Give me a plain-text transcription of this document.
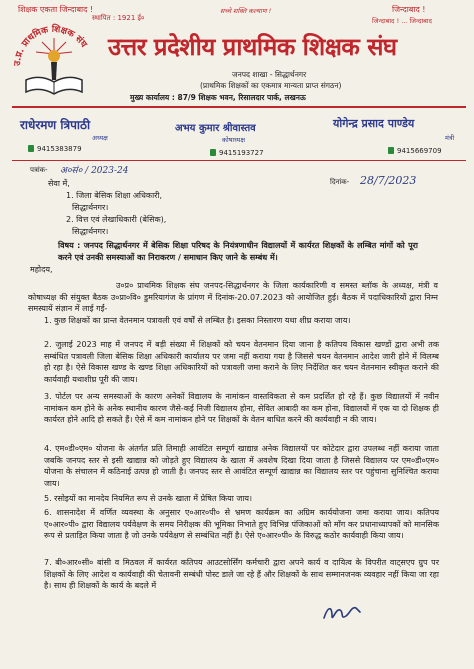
शिक्षक एकता जिन्दाबाद !	सच्चे शक्ति कल्याण !	जिन्दाबाद !
जिन्दाबाद ! ... जिन्दाबाद
स्थापित : 1921 ई०
उ.प्र. प्राथमिक शिक्षक संघ उत्तर प्रदेशीय प्राथमिक शिक्षक संघ
जनपद शाखा - सिद्धार्थनगर
(प्राथमिक शिक्षकों का एकमात्र मान्यता प्राप्त संगठन)
मुख्य कार्यालय : 87/9 शिक्षक भवन, रिसालदार पार्क, लखनऊ
राधेरमण त्रिपाठी
अध्यक्ष
9415383879
अभय कुमार श्रीवास्तव
कोषाध्यक्ष
9415193727
योगेन्द्र प्रसाद पाण्डेय
मंत्री
9415669709
पत्रांक- अ०सं० / 2023-24
दिनांक- 28/7/2023
सेवा में,
1. जिला बेसिक शिक्षा अधिकारी,
सिद्धार्थनगर।
2. वित्त एवं लेखाधिकारी (बेसिक),
सिद्धार्थनगर।
विषय : जनपद सिद्धार्थनगर में बेसिक शिक्षा परिषद के नियंत्रणाधीन विद्यालयों में कार्यरत शिक्षकों के लम्बित मांगों को पूरा करने एवं उनकी समस्याओं का निराकरण / समाधान किए जाने के सम्बंध में।
महोदय,
उ०प्र० प्राथमिक शिक्षक संघ जनपद-सिद्धार्थनगर के जिला कार्यकारिणी व समस्त ब्लॉक के अध्यक्ष, मंत्री व कोषाध्यक्ष की संयुक्त बैठक उ०प्रा०वि० डुमरियागंज के प्रांगण में दिनांक-20.07.2023 को आयोजित हुई। बैठक में पदाधिकारियों द्वारा निम्न समस्यायें संज्ञान में लाई गईं-
1. कुछ शिक्षकों का प्रान्त वेतनमान पत्रावली एवं वर्षों से लम्बित है। इसका निस्तारण यथा शीघ्र कराया जाय।
2. जुलाई 2023 माह में जनपद में बड़ी संख्या में शिक्षकों को चयन वेतनमान दिया जाना है कतिपय विकास खण्डों द्वारा अभी तक सम्बंधित पत्रावली जिला बेसिक शिक्षा अधिकारी कार्यालय पर जमा नहीं कराया गया है जिससे चयन वेतनमान आदेश जारी होने में विलम्ब हो रहा है। ऐसे विकास खण्ड के खण्ड शिक्षा अधिकारियों को पत्रावली जमा कराने के लिए निर्देशित कर चयन वेतनमान स्वीकृत कराने की कार्यवाही यथाशीघ्र पूरी की जाय।
3. पोर्टल पर अन्य समस्याओं के कारण अनेकों विद्यालय के नामांकन वास्तविकता से कम प्रदर्शित हो रहे हैं। कुछ विद्यालयों में नवीन नामांकन कम होने के अनेक स्थानीय कारण जैसे-कई निजी विद्यालय होना, सेवित आबादी का कम होना, विद्यालयों में एक या दो शिक्षक ही कार्यरत होने आदि हो सकते हैं। ऐसे में कम नामांकन होने पर शिक्षकों के वेतन बाधित करने की कार्यवाही न की जाय।
4. एम०डी०एम० योजना के अंतर्गत प्रति तिमाही आवंटित सम्पूर्ण खाद्यान्न अनेक विद्यालयों पर कोटेदार द्वारा उपलब्ध नहीं कराया जाता जबकि जनपद स्तर से इसी खाद्यान्न को जोड़ते हुए विद्यालय के खाता में अवशेष दिखा दिया जाता है जिससे विद्यालय पर एम०डी०एम० योजना के संचालन में कठिनाई उत्पन्न हो जाती है। जनपद स्तर से आवंटित सम्पूर्ण खाद्यान्न का विद्यालय स्तर पर पहुंचाना सुनिश्चित कराया जाय।
5. रसोइयों का मानदेय नियमित रूप से उनके खाता में प्रेषित किया जाय।
6. शासनादेश में वर्णित व्यवस्था के अनुसार ए०आर०पी० से भ्रमण कार्यक्रम का अग्रिम कार्ययोजना जमा कराया जाय। कतिपय ए०आर०पी० द्वारा विद्यालय पर्यवेक्षण के समय निरीक्षक की भूमिका निभाते हुए विभिन्न पंजिकाओं को माँग कर प्रधानाध्यापकों को मानसिक रूप से प्रताड़ित किया जाता है जो उनके पर्यवेक्षण से सम्बंधित नहीं है। ऐसे ए०आर०पी० के विरुद्ध कठोर कार्यवाही किया जाय।
7. बी०आर०सी० बांसी व मिठवल में कार्यरत कतिपय आउटसोर्सिंग कर्मचारी द्वारा अपने कार्य व दायित्व के विपरीत वाट्सएप ग्रुप पर शिक्षकों के लिए आदेश व कार्यवाही की चेतावनी सम्बंधी पोस्ट डाले जा रहे हैं और शिक्षकों के साथ सम्मानजनक व्यवहार नहीं किया जा रहा है। साथ ही शिक्षकों के कार्य के बदले में
